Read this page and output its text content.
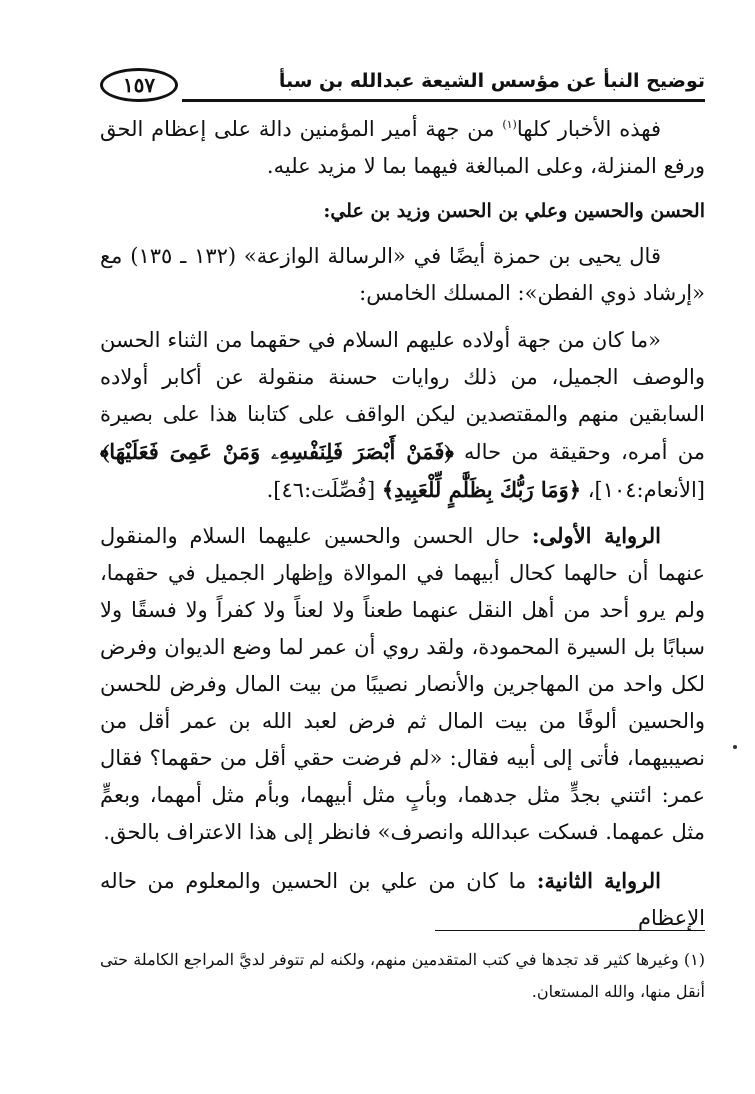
توضيح النبأ عن مؤسس الشيعة عبدالله بن سبأ
١٥٧
فهذه الأخبار كلها$^{(١)}$ من جهة أمير المؤمنين دالة على إعظام الحق ورفع المنزلة، وعلى المبالغة فيهما بما لا مزيد عليه.
الحسن والحسين وعلي بن الحسن وزيد بن علي:
قال يحيى بن حمزة أيضًا في «الرسالة الوازعة» (١٣٢ ـ ١٣٥) مع «إرشاد ذوي الفطن»: المسلك الخامس:
«ما كان من جهة أولاده عليهم السلام في حقهما من الثناء الحسن والوصف الجميل، من ذلك روايات حسنة منقولة عن أكابر أولاده السابقين منهم والمقتصدين ليكن الواقف على كتابنا هذا على بصيرة من أمره، وحقيقة من حاله ﴿فَمَنْ أَبْصَرَ فَلِنَفْسِهِۦ وَمَنْ عَمِىَ فَعَلَيْهَا﴾ [الأنعام:١٠٤]، ﴿وَمَا رَبُّكَ بِظَلَّٰمٍ لِّلْعَبِيدِ﴾ [فُصِّلَت:٤٦].
الرواية الأولى: حال الحسن والحسين عليهما السلام والمنقول عنهما أن حالهما كحال أبيهما في الموالاة وإظهار الجميل في حقهما، ولم يرو أحد من أهل النقل عنهما طعناً ولا لعناً ولا كفراً ولا فسقًا ولا سبابًا بل السيرة المحمودة، ولقد روي أن عمر لما وضع الديوان وفرض لكل واحد من المهاجرين والأنصار نصيبًا من بيت المال وفرض للحسن والحسين ألوفًا من بيت المال ثم فرض لعبد الله بن عمر أقل من نصيبيهما، فأتى إلى أبيه فقال: «لم فرضت حقي أقل من حقهما؟ فقال عمر: ائتني بجدٍّ مثل جدهما، وبأبٍ مثل أبيهما، وبأم مثل أمهما، وبعمٍّ مثل عمهما. فسكت عبدالله وانصرف» فانظر إلى هذا الاعتراف بالحق.
الرواية الثانية: ما كان من علي بن الحسين والمعلوم من حاله الإعظام
(١) وغيرها كثير قد تجدها في كتب المتقدمين منهم، ولكنه لم تتوفر لديَّ المراجع الكاملة حتى أنقل منها، والله المستعان.
